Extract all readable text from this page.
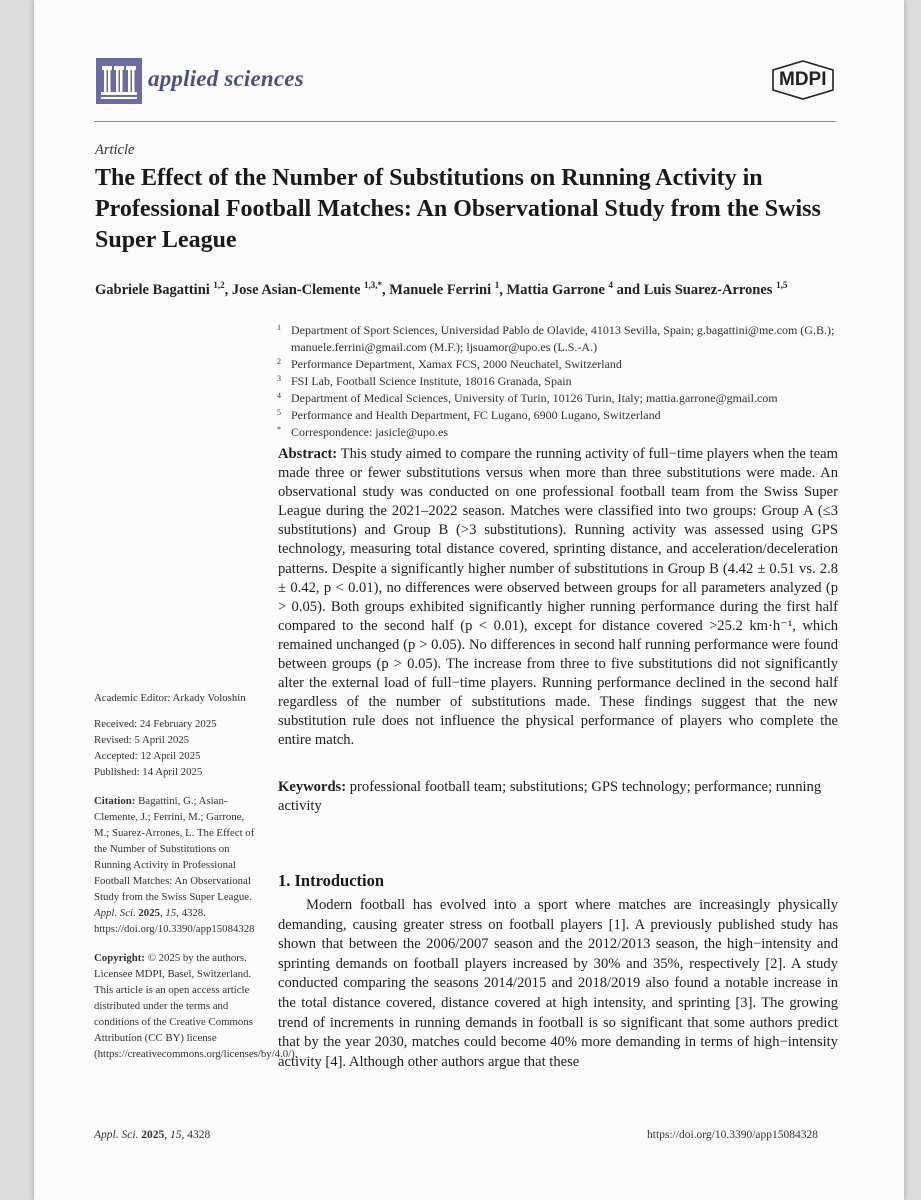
applied sciences	MDPI
Article
The Effect of the Number of Substitutions on Running Activity in Professional Football Matches: An Observational Study from the Swiss Super League
Gabriele Bagattini $^{1,2}$, Jose Asian-Clemente $^{1,3,*}$, Manuele Ferrini $^1$, Mattia Garrone $^4$ and Luis Suarez-Arrones $^{1,5}$
1 Department of Sport Sciences, Universidad Pablo de Olavide, 41013 Sevilla, Spain; g.bagattini@me.com (G.B.); manuele.ferrini@gmail.com (M.F.); ljsuamor@upo.es (L.S.-A.)
2 Performance Department, Xamax FCS, 2000 Neuchatel, Switzerland
3 FSI Lab, Football Science Institute, 18016 Granada, Spain
4 Department of Medical Sciences, University of Turin, 10126 Turin, Italy; mattia.garrone@gmail.com
5 Performance and Health Department, FC Lugano, 6900 Lugano, Switzerland
* Correspondence: jasicle@upo.es
Abstract: This study aimed to compare the running activity of full−time players when the team made three or fewer substitutions versus when more than three substitutions were made. An observational study was conducted on one professional football team from the Swiss Super League during the 2021–2022 season. Matches were classified into two groups: Group A (≤3 substitutions) and Group B (>3 substitutions). Running activity was assessed using GPS technology, measuring total distance covered, sprinting distance, and acceleration/deceleration patterns. Despite a significantly higher number of substitutions in Group B (4.42 ± 0.51 vs. 2.8 ± 0.42, p < 0.01), no differences were observed between groups for all parameters analyzed (p > 0.05). Both groups exhibited significantly higher running performance during the first half compared to the second half (p < 0.01), except for distance covered >25.2 km·h⁻¹, which remained unchanged (p > 0.05). No differences in second half running performance were found between groups (p > 0.05). The increase from three to five substitutions did not significantly alter the external load of full−time players. Running performance declined in the second half regardless of the number of substitutions made. These findings suggest that the new substitution rule does not influence the physical performance of players who complete the entire match.
Keywords: professional football team; substitutions; GPS technology; performance; running activity
1. Introduction
Modern football has evolved into a sport where matches are increasingly physically demanding, causing greater stress on football players [1]. A previously published study has shown that between the 2006/2007 season and the 2012/2013 season, the high−intensity and sprinting demands on football players increased by 30% and 35%, respectively [2]. A study conducted comparing the seasons 2014/2015 and 2018/2019 also found a notable increase in the total distance covered, distance covered at high intensity, and sprinting [3]. The growing trend of increments in running demands in football is so significant that some authors predict that by the year 2030, matches could become 40% more demanding in terms of high−intensity activity [4]. Although other authors argue that these
Academic Editor: Arkady Voloshin
Received: 24 February 2025
Revised: 5 April 2025
Accepted: 12 April 2025
Published: 14 April 2025
Citation: Bagattini, G.; Asian-Clemente, J.; Ferrini, M.; Garrone, M.; Suarez-Arrones, L. The Effect of the Number of Substitutions on Running Activity in Professional Football Matches: An Observational Study from the Swiss Super League. Appl. Sci. 2025, 15, 4328. https://doi.org/10.3390/app15084328
Copyright: © 2025 by the authors. Licensee MDPI, Basel, Switzerland. This article is an open access article distributed under the terms and conditions of the Creative Commons Attribution (CC BY) license (https://creativecommons.org/licenses/by/4.0/).
Appl. Sci. 2025, 15, 4328	https://doi.org/10.3390/app15084328
